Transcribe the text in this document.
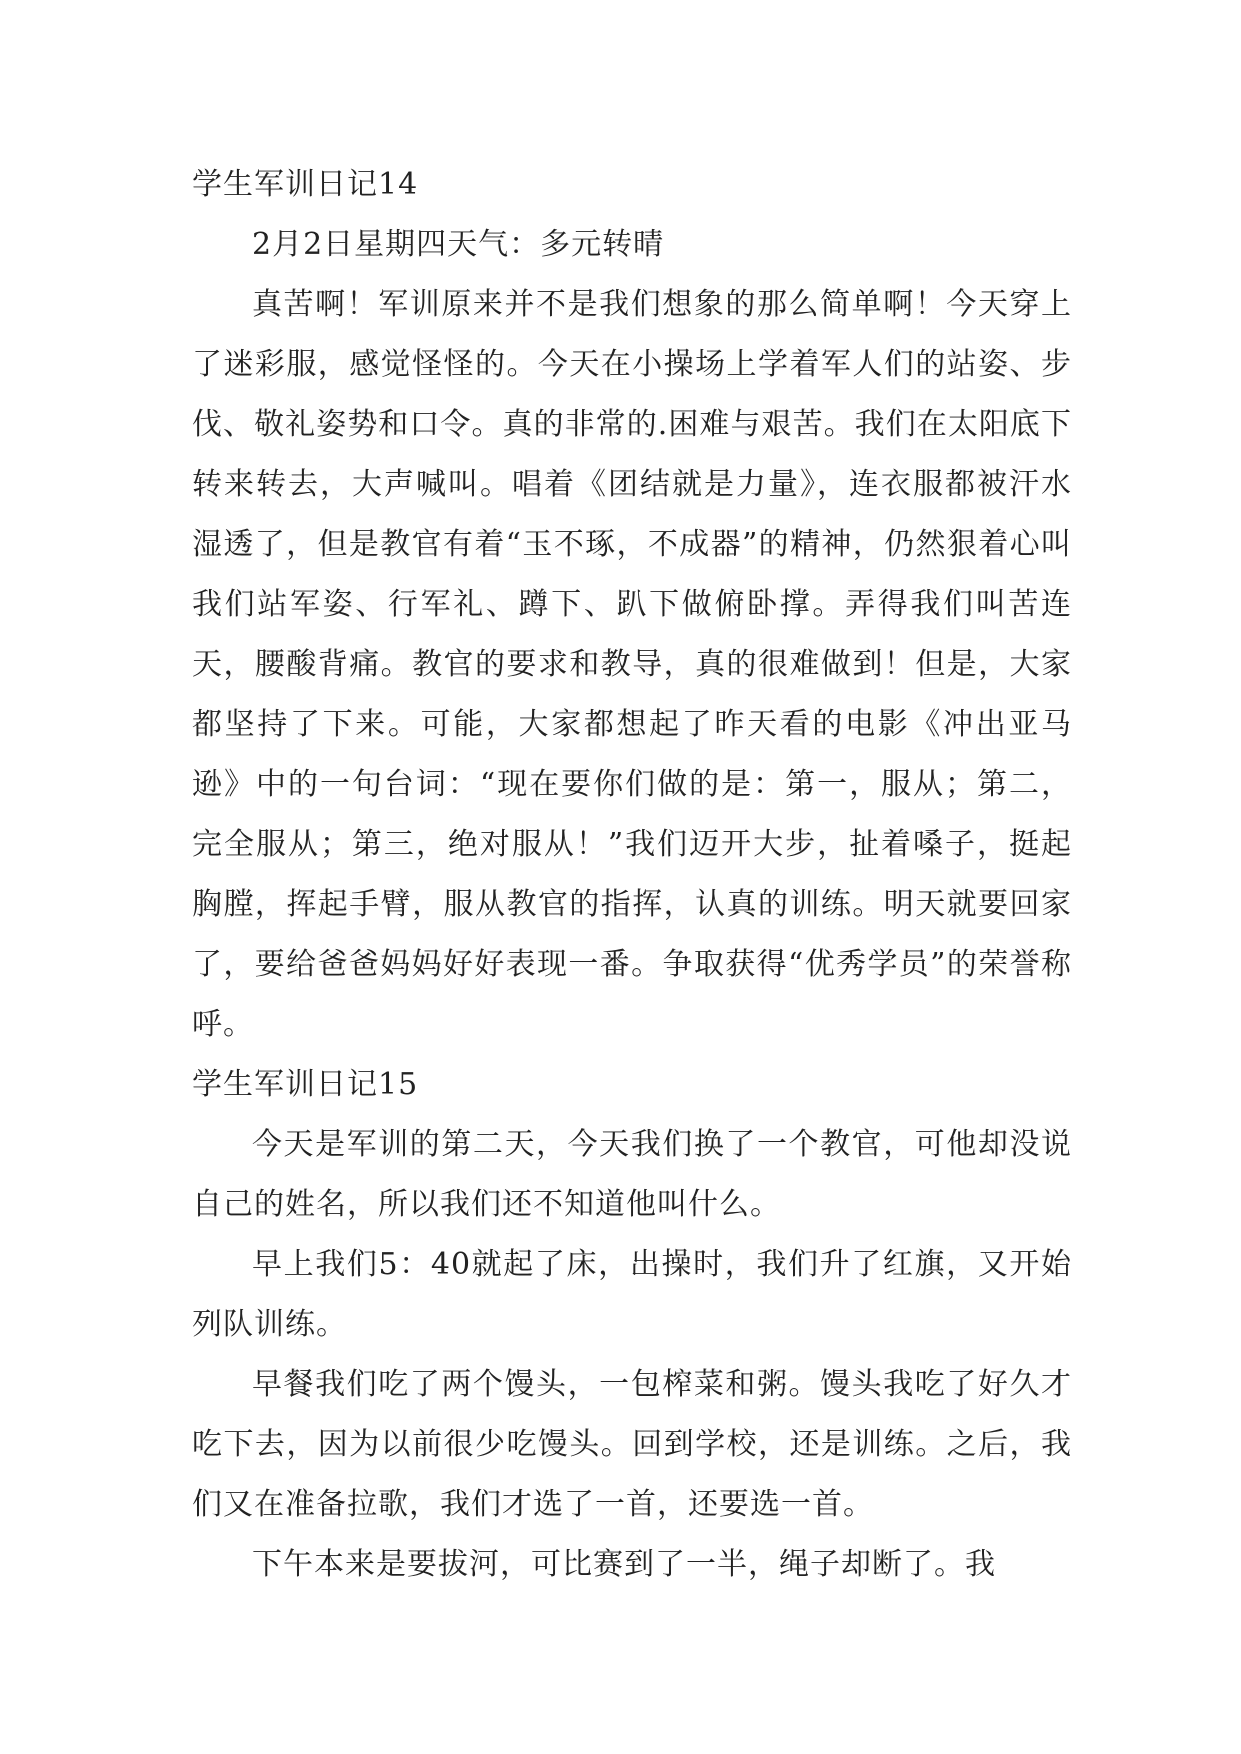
学生军训日记14

2月2日星期四天气：多元转晴

真苦啊！军训原来并不是我们想象的那么简单啊！今天穿上了迷彩服，感觉怪怪的。今天在小操场上学着军人们的站姿、步伐、敬礼姿势和口令。真的非常的.困难与艰苦。我们在太阳底下转来转去，大声喊叫。唱着《团结就是力量》，连衣服都被汗水湿透了，但是教官有着“玉不琢，不成器”的精神，仍然狠着心叫我们站军姿、行军礼、蹲下、趴下做俯卧撑。弄得我们叫苦连天，腰酸背痛。教官的要求和教导，真的很难做到！但是，大家都坚持了下来。可能，大家都想起了昨天看的电影《冲出亚马逊》中的一句台词：“现在要你们做的是：第一，服从；第二，完全服从；第三，绝对服从！”我们迈开大步，扯着嗓子，挺起胸膛，挥起手臂，服从教官的指挥，认真的训练。明天就要回家了，要给爸爸妈妈好好表现一番。争取获得“优秀学员”的荣誉称呼。

学生军训日记15

今天是军训的第二天，今天我们换了一个教官，可他却没说自己的姓名，所以我们还不知道他叫什么。

早上我们5：40就起了床，出操时，我们升了红旗，又开始列队训练。

早餐我们吃了两个馒头，一包榨菜和粥。馒头我吃了好久才吃下去，因为以前很少吃馒头。回到学校，还是训练。之后，我们又在准备拉歌，我们才选了一首，还要选一首。

下午本来是要拔河，可比赛到了一半，绳子却断了。我
